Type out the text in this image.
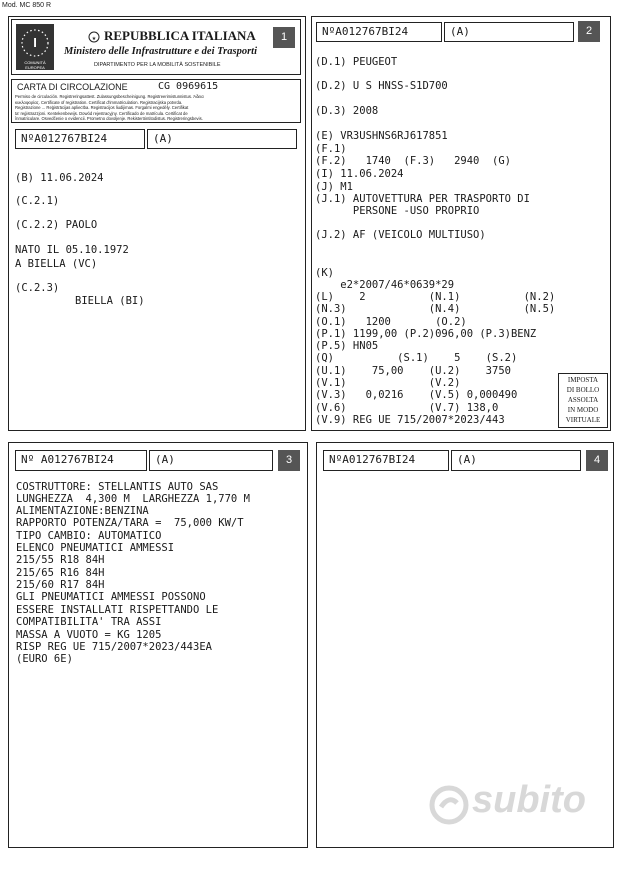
Mod. MC 850 R
I
COMUNITÀ EUROPEA
★ REPUBBLICA ITALIANA
Ministero delle Infrastrutture e dei Trasporti
DIPARTIMENTO PER LA MOBILITÀ SOSTENIBILE
1
CARTA DI CIRCOLAZIONE	CG 0969615
Permiso de circulación. Registreringsattest. Zulassungsbescheinigung. Registreerimistunnistus. Άδεια
κυκλοφορίας. Certificate of registration. Certificat d'immatriculation. Registracijska potvrda.
Registrazione ... Reģistrācijas apliecība. Registracijos liudijimas. Forgalmi engedély. Certifikat
ta' reġistrazzjoni. Kentekenbewijs. Dowód rejestracyjny. Certificado de matrícula. Certificat de
înmatriculare. Osvedčenie o evidencii. Prometno dovoljenje. Rekisteröintitodistus. Registreringsbevis.
NºA012767BI24	(A)
(B) 11.06.2024
(C.2.1)
(C.2.2) PAOLO
NATO IL 05.10.1972
A BIELLA (VC)
(C.2.3)
BIELLA (BI)
NºA012767BI24	(A)	2
(D.1) PEUGEOT
(D.2) U S HNSS-S1D700
(D.3) 2008
(E) VR3USHNS6RJ617851
(F.1)
(F.2)   1740  (F.3)   2940  (G)
(I) 11.06.2024
(J) M1
(J.1) AUTOVETTURA PER TRASPORTO DI
PERSONE -USO PROPRIO
(J.2) AF (VEICOLO MULTIUSO)
(K)
e2*2007/46*0639*29
(L)    2          (N.1)          (N.2)
(N.3)             (N.4)          (N.5)
(O.1)   1200       (O.2)
(P.1) 1199,00 (P.2)096,00 (P.3)BENZ
(P.5) HN05
(Q)          (S.1)    5    (S.2)
(U.1)    75,00    (U.2)    3750
(V.1)             (V.2)
(V.3)   0,0216    (V.5) 0,000490
(V.6)             (V.7) 138,0
(V.9) REG UE 715/2007*2023/443
IMPOSTA
DI BOLLO
ASSOLTA
IN MODO
VIRTUALE
Nº A012767BI24	(A)	3
COSTRUTTORE: STELLANTIS AUTO SAS
LUNGHEZZA  4,300 M  LARGHEZZA 1,770 M
ALIMENTAZIONE:BENZINA
RAPPORTO POTENZA/TARA =  75,000 KW/T
TIPO CAMBIO: AUTOMATICO
ELENCO PNEUMATICI AMMESSI
215/55 R18 84H
215/65 R16 84H
215/60 R17 84H
GLI PNEUMATICI AMMESSI POSSONO
ESSERE INSTALLATI RISPETTANDO LE
COMPATIBILITA' TRA ASSI
MASSA A VUOTO = KG 1205
RISP REG UE 715/2007*2023/443EA
(EURO 6E)
NºA012767BI24	(A)	4
subito
